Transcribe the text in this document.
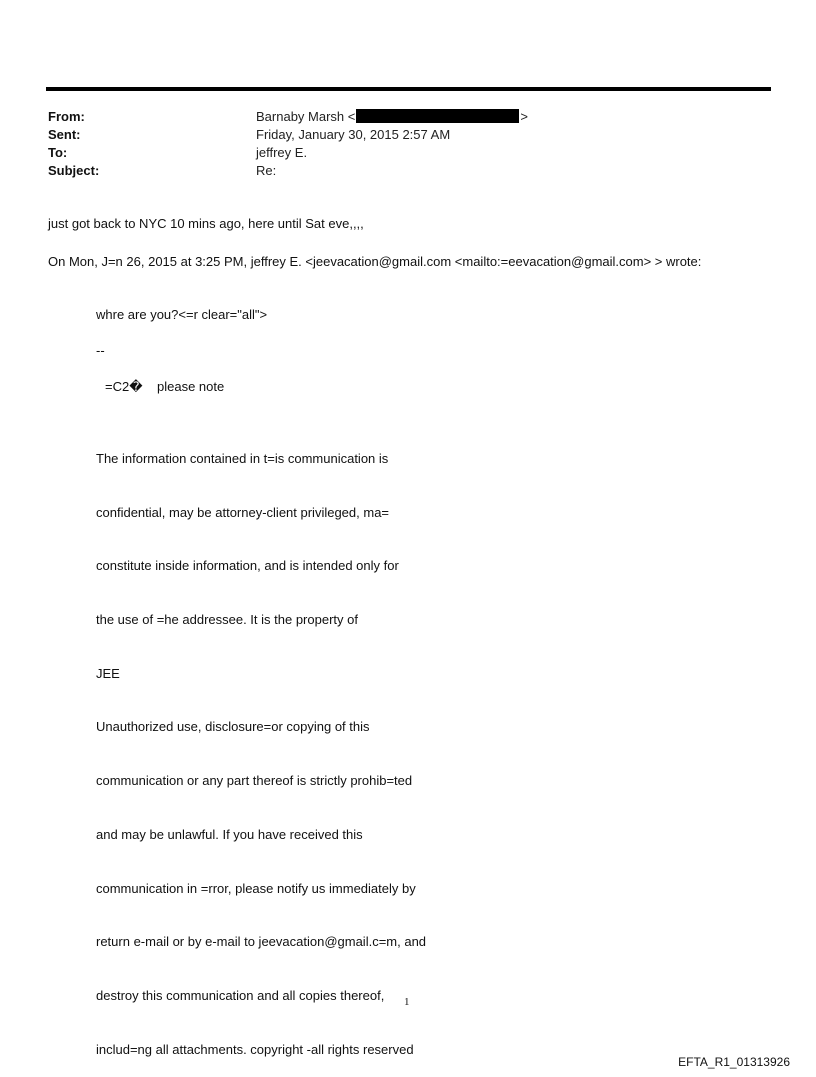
From:	Barnaby Marsh <	>
Sent:	Friday, January 30, 2015 2:57 AM
To:	jeffrey E.
Subject:	Re:
just got back to NYC 10 mins ago, here until Sat eve,,,,
On Mon, J=n 26, 2015 at 3:25 PM, jeffrey E. <jeevacation@gmail.com <mailto:=eevacation@gmail.com> > wrote:
whre are you?<=r clear="all">
--
=C2�    please note

The information contained in t=is communication is

confidential, may be attorney-client privileged, ma=

constitute inside information, and is intended only for

the use of =he addressee. It is the property of

JEE

Unauthorized use, disclosure=or copying of this

communication or any part thereof is strictly prohib=ted

and may be unlawful. If you have received this

communication in =rror, please notify us immediately by

return e-mail or by e-mail to jeevacation@gmail.c=m, and

destroy this communication and all copies thereof,

includ=ng all attachments. copyright -all rights reserved

1
EFTA_R1_01313926
